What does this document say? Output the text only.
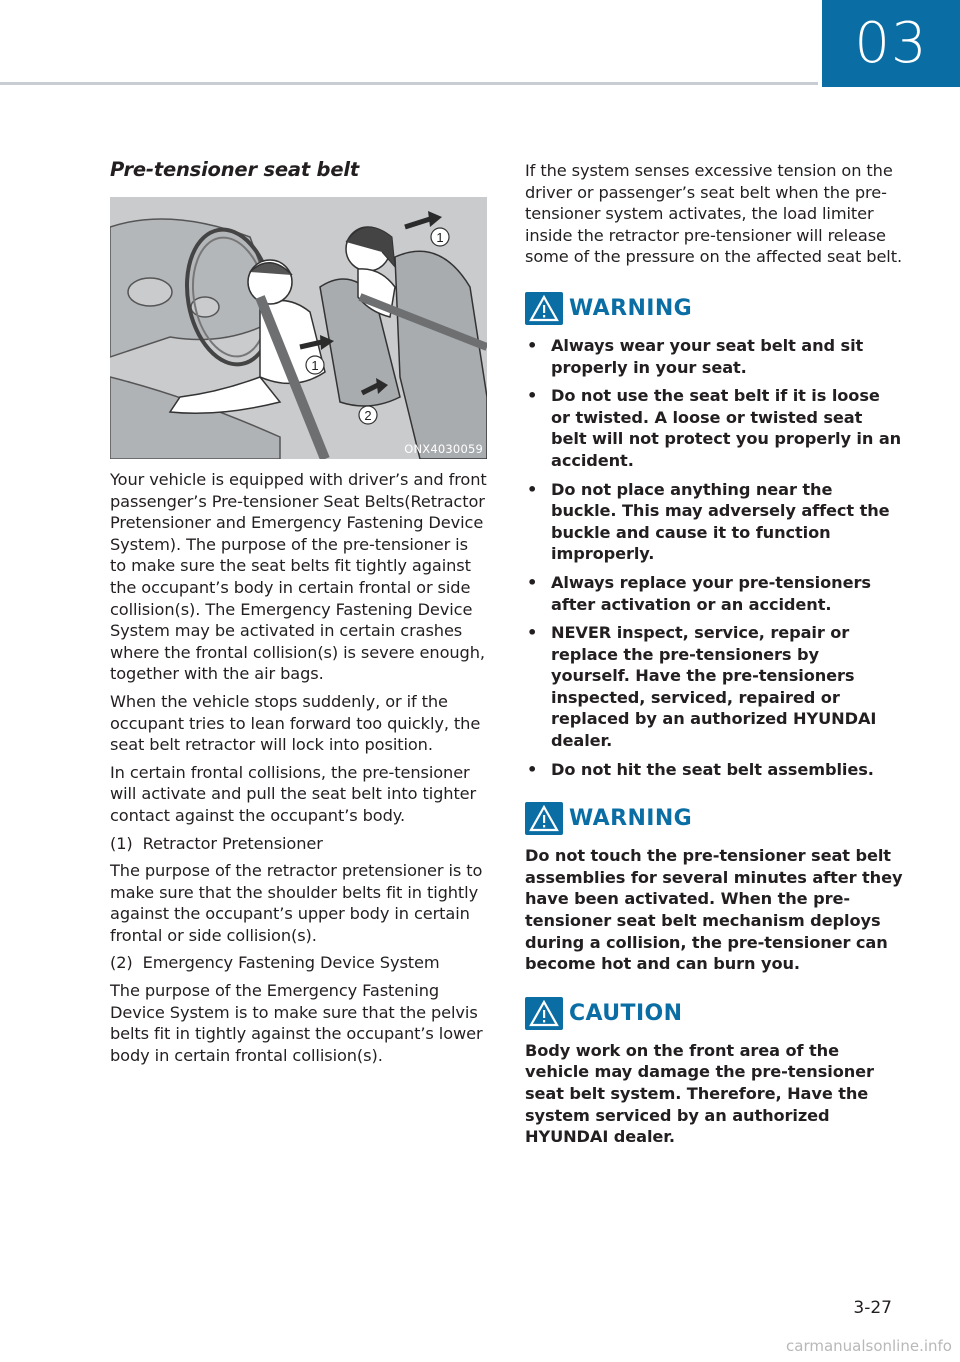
03
Pre-tensioner seat belt
1
1
2
ONX4030059

Your vehicle is equipped with driver’s and front passenger’s Pre-tensioner Seat Belts(Retractor Pretensioner and Emergency Fastening Device System). The purpose of the pre-tensioner is to make sure the seat belts fit tightly against the occupant’s body in certain frontal or side collision(s). The Emergency Fastening Device System may be activated in certain crashes where the frontal collision(s) is severe enough, together with the air bags.

When the vehicle stops suddenly, or if the occupant tries to lean forward too quickly, the seat belt retractor will lock into position.

In certain frontal collisions, the pre-tensioner will activate and pull the seat belt into tighter contact against the occupant’s body.

(1) Retractor Pretensioner

The purpose of the retractor pretensioner is to make sure that the shoulder belts fit in tightly against the occupant’s upper body in certain frontal or side collision(s).

(2) Emergency Fastening Device System

The purpose of the Emergency Fastening Device System is to make sure that the pelvis belts fit in tightly against the occupant’s lower body in certain frontal collision(s).

If the system senses excessive tension on the driver or passenger’s seat belt when the pre-tensioner system activates, the load limiter inside the retractor pre-tensioner will release some of the pressure on the affected seat belt.

WARNING
• Always wear your seat belt and sit properly in your seat.
• Do not use the seat belt if it is loose or twisted. A loose or twisted seat belt will not protect you properly in an accident.
• Do not place anything near the buckle. This may adversely affect the buckle and cause it to function improperly.
• Always replace your pre-tensioners after activation or an accident.
• NEVER inspect, service, repair or replace the pre-tensioners by yourself. Have the pre-tensioners inspected, serviced, repaired or replaced by an authorized HYUNDAI dealer.
• Do not hit the seat belt assemblies.
WARNING

Do not touch the pre-tensioner seat belt assemblies for several minutes after they have been activated. When the pre-tensioner seat belt mechanism deploys during a collision, the pre-tensioner can become hot and can burn you.

CAUTION

Body work on the front area of the vehicle may damage the pre-tensioner seat belt system. Therefore, Have the system serviced by an authorized HYUNDAI dealer.

3-27
carmanualsonline.info
